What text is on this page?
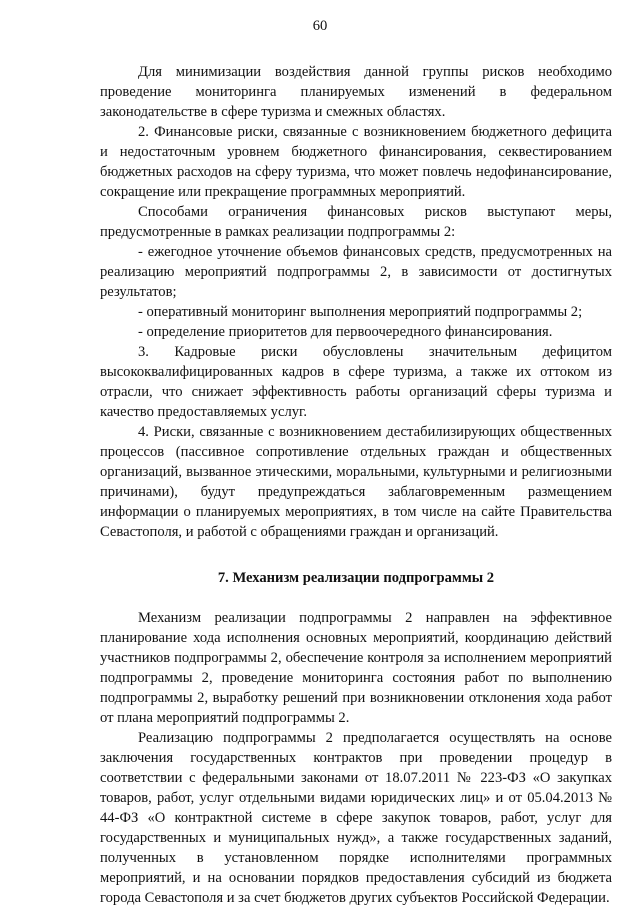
60

Для минимизации воздействия данной группы рисков необходимо проведение мониторинга планируемых изменений в федеральном законодательстве в сфере туризма и смежных областях.

2. Финансовые риски, связанные с возникновением бюджетного дефицита и недостаточным уровнем бюджетного финансирования, секвестированием бюджетных расходов на сферу туризма, что может повлечь недофинансирование, сокращение или прекращение программных мероприятий.

Способами ограничения финансовых рисков выступают меры, предусмотренные в рамках реализации подпрограммы 2:

- ежегодное уточнение объемов финансовых средств, предусмотренных на реализацию мероприятий подпрограммы 2, в зависимости от достигнутых результатов;

- оперативный мониторинг выполнения мероприятий подпрограммы 2;

- определение приоритетов для первоочередного финансирования.

3. Кадровые риски обусловлены значительным дефицитом высококвалифицированных кадров в сфере туризма, а также их оттоком из отрасли, что снижает эффективность работы организаций сферы туризма и качество предоставляемых услуг.

4. Риски, связанные с возникновением дестабилизирующих общественных процессов (пассивное сопротивление отдельных граждан и общественных организаций, вызванное этическими, моральными, культурными и религиозными причинами), будут предупреждаться заблаговременным размещением информации о планируемых мероприятиях, в том числе на сайте Правительства Севастополя, и работой с обращениями граждан и организаций.

7. Механизм реализации подпрограммы 2

Механизм реализации подпрограммы 2 направлен на эффективное планирование хода исполнения основных мероприятий, координацию действий участников подпрограммы 2, обеспечение контроля за исполнением мероприятий подпрограммы 2, проведение мониторинга состояния работ по выполнению подпрограммы 2, выработку решений при возникновении отклонения хода работ от плана мероприятий подпрограммы 2.

Реализацию подпрограммы 2 предполагается осуществлять на основе заключения государственных контрактов при проведении процедур в соответствии с федеральными законами от 18.07.2011 № 223-ФЗ «О закупках товаров, работ, услуг отдельными видами юридических лиц» и от 05.04.2013 № 44-ФЗ «О контрактной системе в сфере закупок товаров, работ, услуг для государственных и муниципальных нужд», а также государственных заданий, полученных в установленном порядке исполнителями программных мероприятий, и на основании порядков предоставления субсидий из бюджета города Севастополя и за счет бюджетов других субъектов Российской Федерации.
